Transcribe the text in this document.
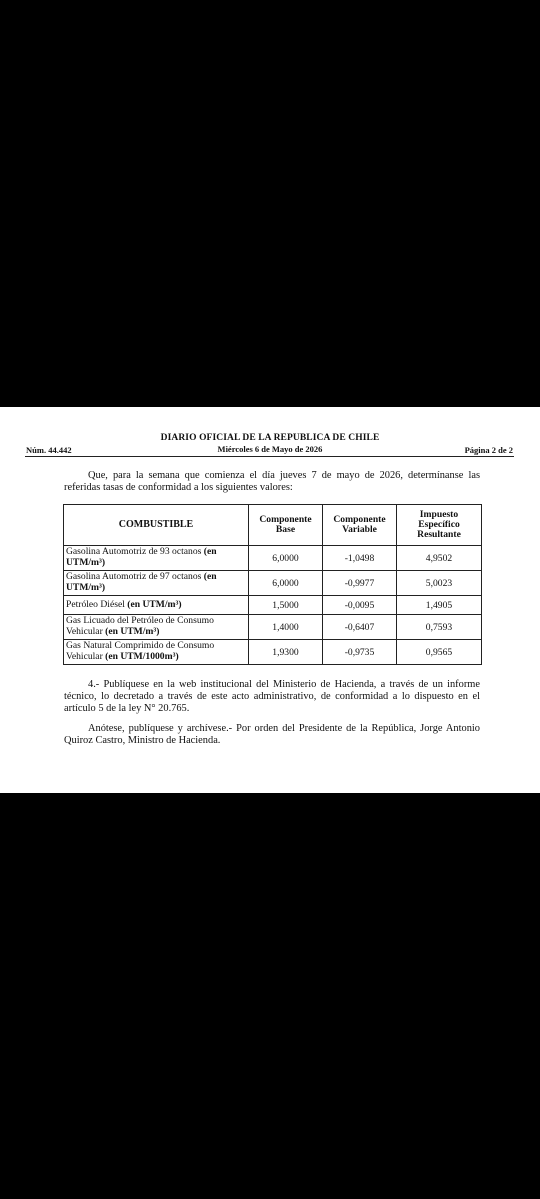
DIARIO OFICIAL DE LA REPUBLICA DE CHILE
Miércoles 6 de Mayo de 2026
Núm. 44.442	Página 2 de 2
Que, para la semana que comienza el día jueves 7 de mayo de 2026, determínanse las referidas tasas de conformidad a los siguientes valores:
COMBUSTIBLE	Componente Base	Componente Variable	Impuesto Específico Resultante
Gasolina Automotriz de 93 octanos (en UTM/m³)	6,0000	-1,0498	4,9502
Gasolina Automotriz de 97 octanos (en UTM/m³)	6,0000	-0,9977	5,0023
Petróleo Diésel (en UTM/m³)	1,5000	-0,0095	1,4905
Gas Licuado del Petróleo de Consumo Vehicular (en UTM/m³)	1,4000	-0,6407	0,7593
Gas Natural Comprimido de Consumo Vehicular (en UTM/1000m³)	1,9300	-0,9735	0,9565
4.- Publíquese en la web institucional del Ministerio de Hacienda, a través de un informe técnico, lo decretado a través de este acto administrativo, de conformidad a lo dispuesto en el artículo 5 de la ley N° 20.765.
Anótese, publíquese y archívese.- Por orden del Presidente de la República, Jorge Antonio Quiroz Castro, Ministro de Hacienda.
